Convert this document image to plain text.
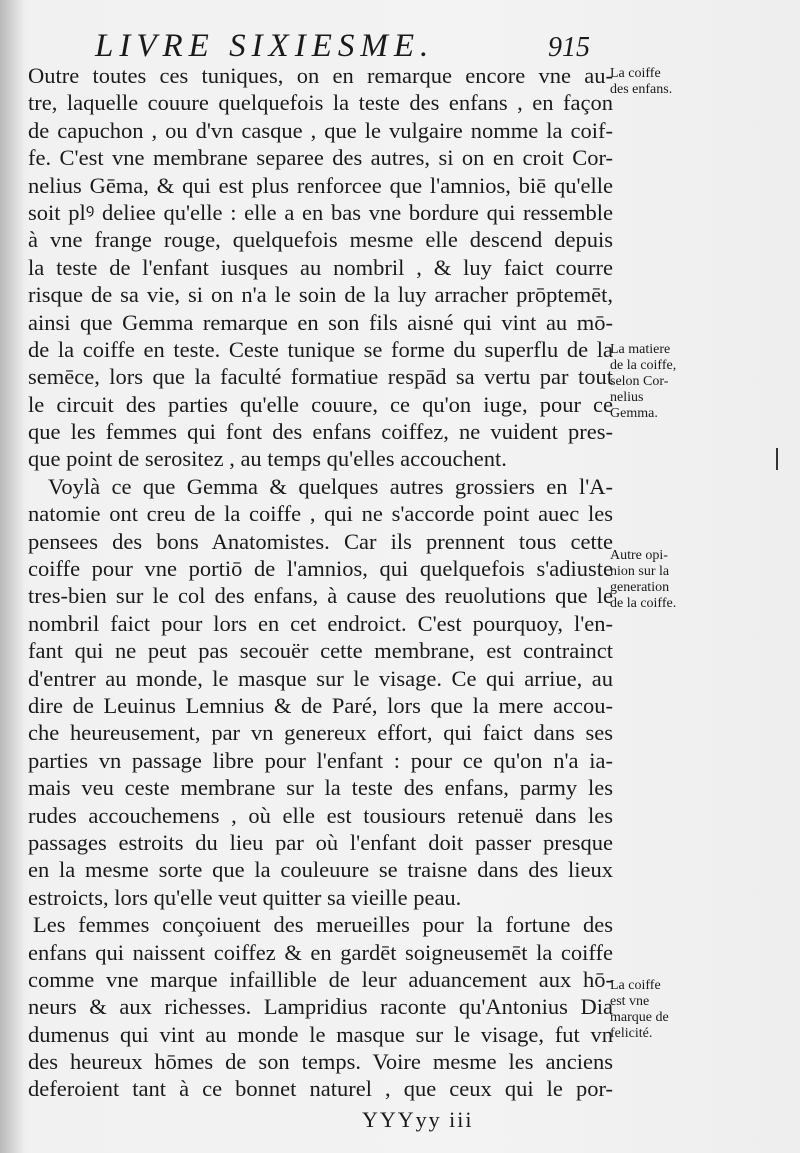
LIVRE SIXIESME.	915
Outre toutes ces tuniques, on en remarque encore vne au-
tre, laquelle couure quelquefois la teste des enfans , en façon
de capuchon , ou d'vn casque , que le vulgaire nomme la coif-
fe. C'est vne membrane separee des autres, si on en croit Cor-
nelius Gēma, & qui est plus renforcee que l'amnios, biē qu'elle
soit plꝰ deliee qu'elle : elle a en bas vne bordure qui ressemble
à vne frange rouge, quelquefois mesme elle descend depuis
la teste de l'enfant iusques au nombril , & luy faict courre
risque de sa vie, si on n'a le soin de la luy arracher prōptemēt,
ainsi que Gemma remarque en son fils aisné qui vint au mō-
de la coiffe en teste. Ceste tunique se forme du superflu de la
semēce, lors que la faculté formatiue respād sa vertu par tout
le circuit des parties qu'elle couure, ce qu'on iuge, pour ce
que les femmes qui font des enfans coiffez, ne vuident pres-
que point de serositez , au temps qu'elles accouchent.
Voylà ce que Gemma & quelques autres grossiers en l'A-
natomie ont creu de la coiffe , qui ne s'accorde point auec les
pensees des bons Anatomistes. Car ils prennent tous cette
coiffe pour vne portiō de l'amnios, qui quelquefois s'adiuste
tres-bien sur le col des enfans, à cause des reuolutions que le
nombril faict pour lors en cet endroict. C'est pourquoy, l'en-
fant qui ne peut pas secouër cette membrane, est contrainct
d'entrer au monde, le masque sur le visage. Ce qui arriue, au
dire de Leuinus Lemnius & de Paré, lors que la mere accou-
che heureusement, par vn genereux effort, qui faict dans ses
parties vn passage libre pour l'enfant : pour ce qu'on n'a ia-
mais veu ceste membrane sur la teste des enfans, parmy les
rudes accouchemens , où elle est tousiours retenuë dans les
passages estroits du lieu par où l'enfant doit passer presque
en la mesme sorte que la couleuure se traisne dans des lieux
estroicts, lors qu'elle veut quitter sa vieille peau.
Les femmes conçoiuent des merueilles pour la fortune des
enfans qui naissent coiffez & en gardēt soigneusemēt la coiffe
comme vne marque infaillible de leur aduancement aux hō-
neurs & aux richesses. Lampridius raconte qu'Antonius Dia
dumenus qui vint au monde le masque sur le visage, fut vn
des heureux hōmes de son temps. Voire mesme les anciens
deferoient tant à ce bonnet naturel , que ceux qui le por-
La coiffe
des enfans.
La matiere
de la coiffe,
selon Cor-
nelius
Gemma.
Autre opi-
nion sur la
generation
de la coiffe.
La coiffe
est vne
marque de
felicité.
YYYyy iii
